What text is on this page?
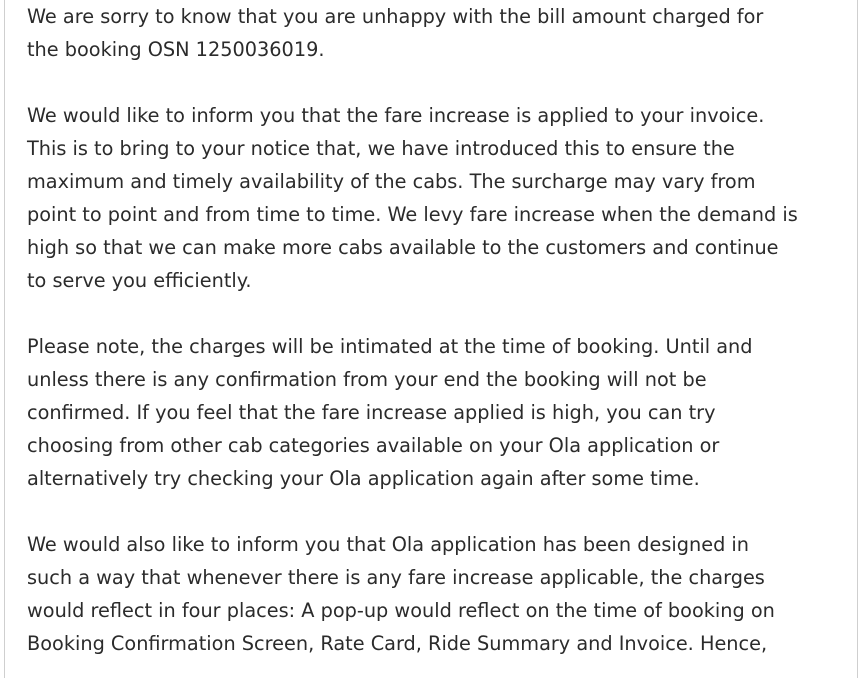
We are sorry to know that you are unhappy with the bill amount charged for
the booking OSN 1250036019.
We would like to inform you that the fare increase is applied to your invoice.
This is to bring to your notice that, we have introduced this to ensure the
maximum and timely availability of the cabs. The surcharge may vary from
point to point and from time to time. We levy fare increase when the demand is
high so that we can make more cabs available to the customers and continue
to serve you efficiently.
Please note, the charges will be intimated at the time of booking. Until and
unless there is any confirmation from your end the booking will not be
confirmed. If you feel that the fare increase applied is high, you can try
choosing from other cab categories available on your Ola application or
alternatively try checking your Ola application again after some time.
We would also like to inform you that Ola application has been designed in
such a way that whenever there is any fare increase applicable, the charges
would reflect in four places: A pop-up would reflect on the time of booking on
Booking Confirmation Screen, Rate Card, Ride Summary and Invoice. Hence,
